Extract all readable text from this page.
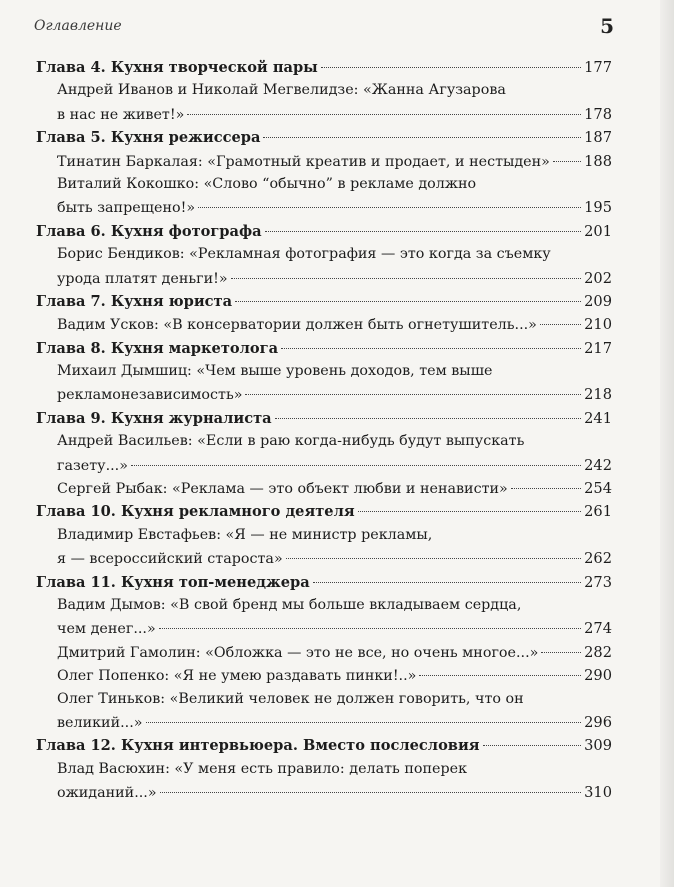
Оглавление	5
Глава 4. Кухня творческой пары	177
Андрей Иванов и Николай Мегвелидзе: «Жанна Агузарова
в нас не живет!»	178
Глава 5. Кухня режиссера	187
Тинатин Баркалая: «Грамотный креатив и продает, и нестыден» 188
Виталий Кокошко: «Слово “обычно” в рекламе должно
быть запрещено!»	195
Глава 6. Кухня фотографа	201
Борис Бендиков: «Рекламная фотография — это когда за съемку
урода платят деньги!»	202
Глава 7. Кухня юриста	209
Вадим Усков: «В консерватории должен быть огнетушитель...»	210
Глава 8. Кухня маркетолога	217
Михаил Дымшиц: «Чем выше уровень доходов, тем выше
рекламонезависимость»	218
Глава 9. Кухня журналиста	241
Андрей Васильев: «Если в раю когда-нибудь будут выпускать
газету...»	242
Сергей Рыбак: «Реклама — это объект любви и ненависти»	254
Глава 10. Кухня рекламного деятеля	261
Владимир Евстафьев: «Я — не министр рекламы,
я — всероссийский староста»	262
Глава 11. Кухня топ-менеджера	273
Вадим Дымов: «В свой бренд мы больше вкладываем сердца,
чем денег...»	274
Дмитрий Гамолин: «Обложка — это не все, но очень многое...»	282
Олег Попенко: «Я не умею раздавать пинки!..»	290
Олег Тиньков: «Великий человек не должен говорить, что он
великий...»	296
Глава 12. Кухня интервьюера. Вместо послесловия	309
Влад Васюхин: «У меня есть правило: делать поперек
ожиданий...»	310
